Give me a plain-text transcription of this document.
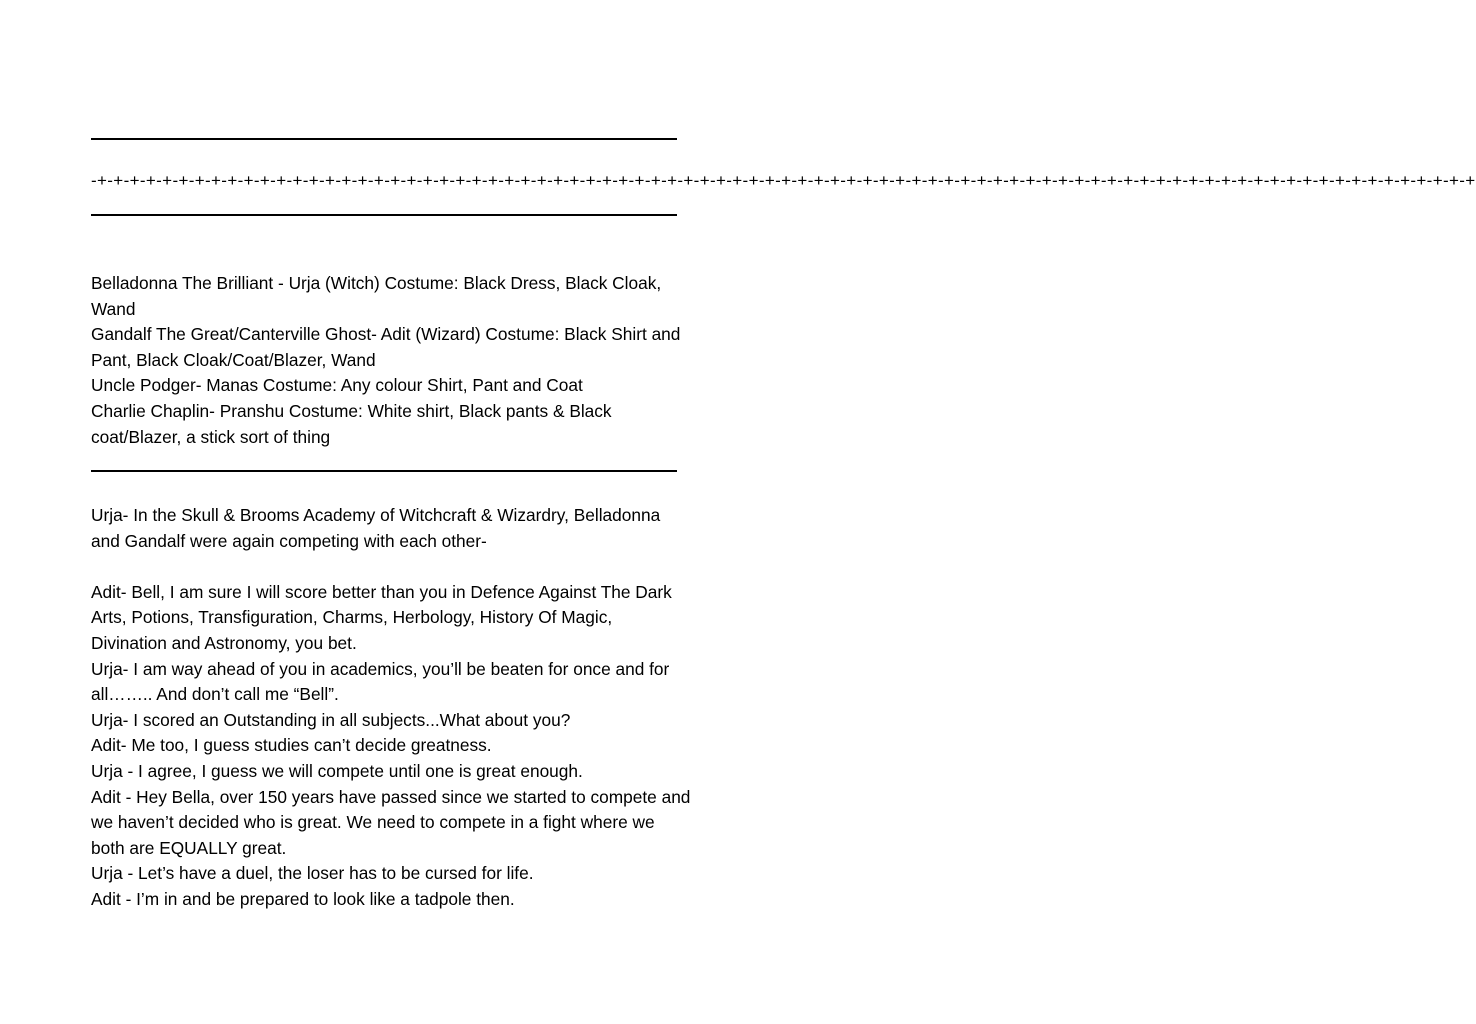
-+-+-+-+-+-+-+-+-+-+-+-+-+-+-+-+-+-+-+-+-+-+-+-+-+-+-+-+-+-+-+-+-+-+-+-+-+-+-+-+-+-+-+-+-+-+-+-+-+-+-+-+-+-+-+-+-+-+-+-+-+-+-+-+-+-+-+-+-+-+-+-+-+-+-+-+-+-+-+-+-+-+-+-+-+

Belladonna The Brilliant - Urja (Witch) Costume: Black Dress, Black Cloak, Wand

Gandalf The Great/Canterville Ghost- Adit (Wizard) Costume: Black Shirt and Pant, Black Cloak/Coat/Blazer, Wand

Uncle Podger- Manas Costume: Any colour Shirt, Pant and Coat

Charlie Chaplin- Pranshu Costume: White shirt, Black pants & Black coat/Blazer, a stick sort of thing

Urja- In the Skull & Brooms Academy of Witchcraft & Wizardry, Belladonna and Gandalf were again competing with each other-

Adit- Bell, I am sure I will score better than you in Defence Against The Dark Arts, Potions, Transfiguration, Charms, Herbology, History Of Magic, Divination and Astronomy, you bet.

Urja- I am way ahead of you in academics, you’ll be beaten for once and for all…….. And don’t call me “Bell”.

Urja- I scored an Outstanding in all subjects...What about you?

Adit- Me too, I guess studies can’t decide greatness.

Urja - I agree, I guess we will compete until one is great enough.

Adit - Hey Bella, over 150 years have passed since we started to compete and we haven’t decided who is great. We need to compete in a fight where we both are EQUALLY great.

Urja - Let’s have a duel, the loser has to be cursed for life.

Adit - I’m in and be prepared to look like a tadpole then.
